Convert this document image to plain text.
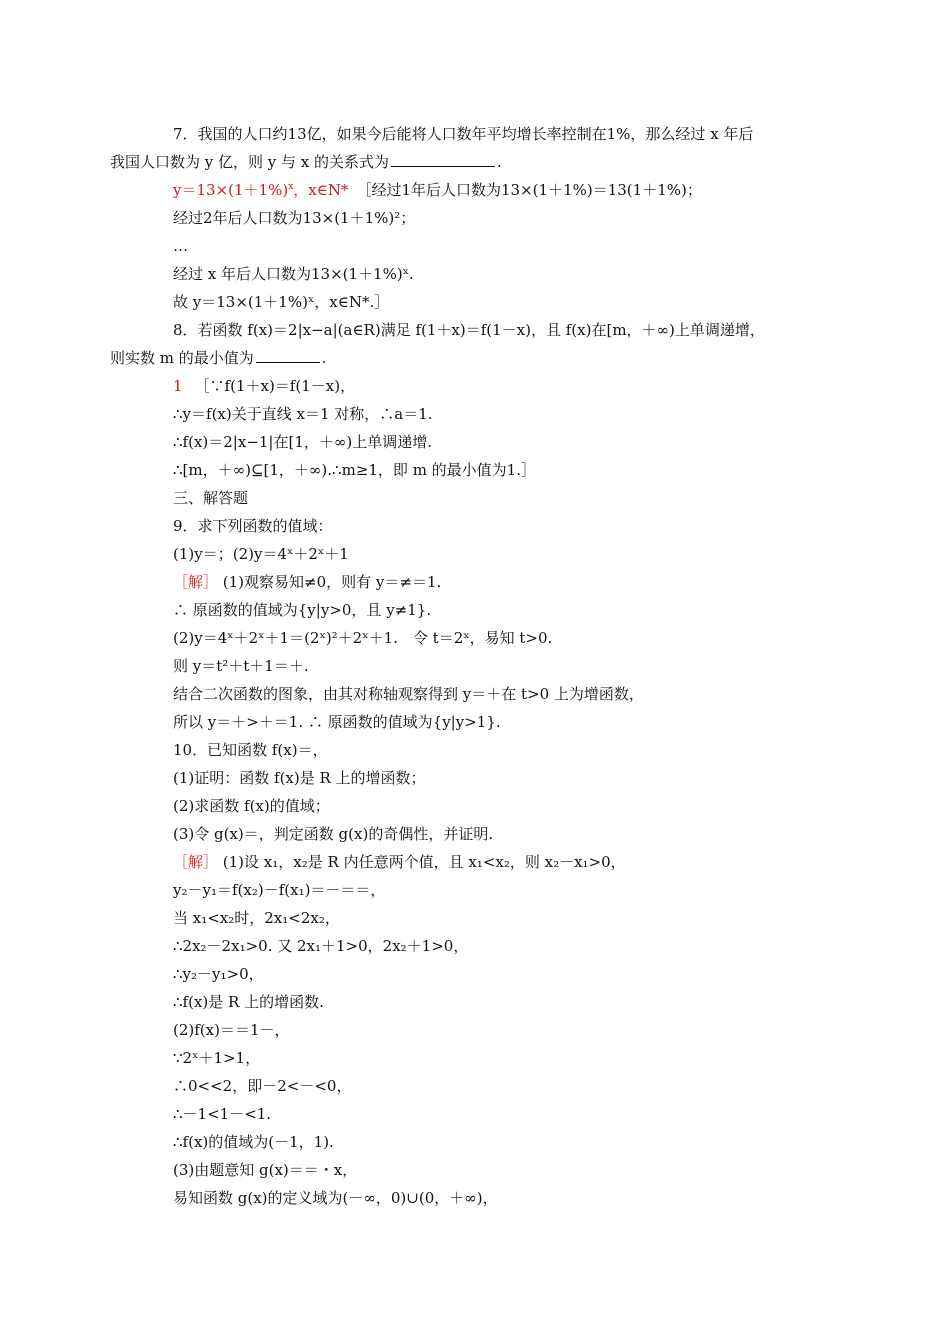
7．我国的人口约13亿，如果今后能将人口数年平均增长率控制在1%，那么经过 x 年后
我国人口数为 y 亿，则 y 与 x 的关系式为	.
$y=13\times(1+1\%)^x$，x∈N* ［经过1年后人口数为13×(1＋1%)＝13(1＋1%)；
经过2年后人口数为13×(1＋1%)²；
…
经过 x 年后人口数为13×(1＋1%)ˣ.
故 y＝13×(1＋1%)ˣ，x∈N*.］
8．若函数 f(x)＝2|x−a|(a∈R)满足 f(1＋x)＝f(1－x)，且 f(x)在[m，＋∞)上单调递增，
则实数 m 的最小值为	.
1 ［∵f(1＋x)＝f(1－x)，
∴y＝f(x)关于直线 x＝1 对称，∴a＝1.
∴f(x)＝2|x−1|在[1，＋∞)上单调递增.
∴[m，＋∞)⊆[1，＋∞).∴m≥1，即 m 的最小值为1.］
三、解答题
9．求下列函数的值域：
(1)y＝；(2)y＝4ˣ＋2ˣ＋1
［解］ (1)观察易知≠0，则有 y＝≠＝1.
∴ 原函数的值域为{y|y>0，且 y≠1}.
(2)y＝4ˣ＋2ˣ＋1＝(2ˣ)²＋2ˣ＋1.　令 t＝2ˣ，易知 t>0.
则 y＝t²＋t＋1＝＋.
结合二次函数的图象，由其对称轴观察得到 y＝＋在 t>0 上为增函数，
所以 y＝＋>＋＝1. ∴ 原函数的值域为{y|y>1}.
10．已知函数 f(x)＝，
(1)证明：函数 f(x)是 R 上的增函数；
(2)求函数 f(x)的值域；
(3)令 g(x)＝，判定函数 g(x)的奇偶性，并证明.
［解］ (1)设 x₁，x₂是 R 内任意两个值，且 x₁<x₂，则 x₂－x₁>0，
y₂－y₁＝f(x₂)－f(x₁)＝－＝＝，
当 x₁<x₂时，2x₁<2x₂，
∴2x₂－2x₁>0. 又 2x₁＋1>0，2x₂＋1>0，
∴y₂－y₁>0，
∴f(x)是 R 上的增函数.
(2)f(x)＝＝1－，
∵2ˣ＋1>1，
∴0<<2，即－2<－<0，
∴－1<1－<1.
∴f(x)的值域为(－1，1).
(3)由题意知 g(x)＝＝・x，
易知函数 g(x)的定义域为(－∞，0)∪(0，＋∞)，
